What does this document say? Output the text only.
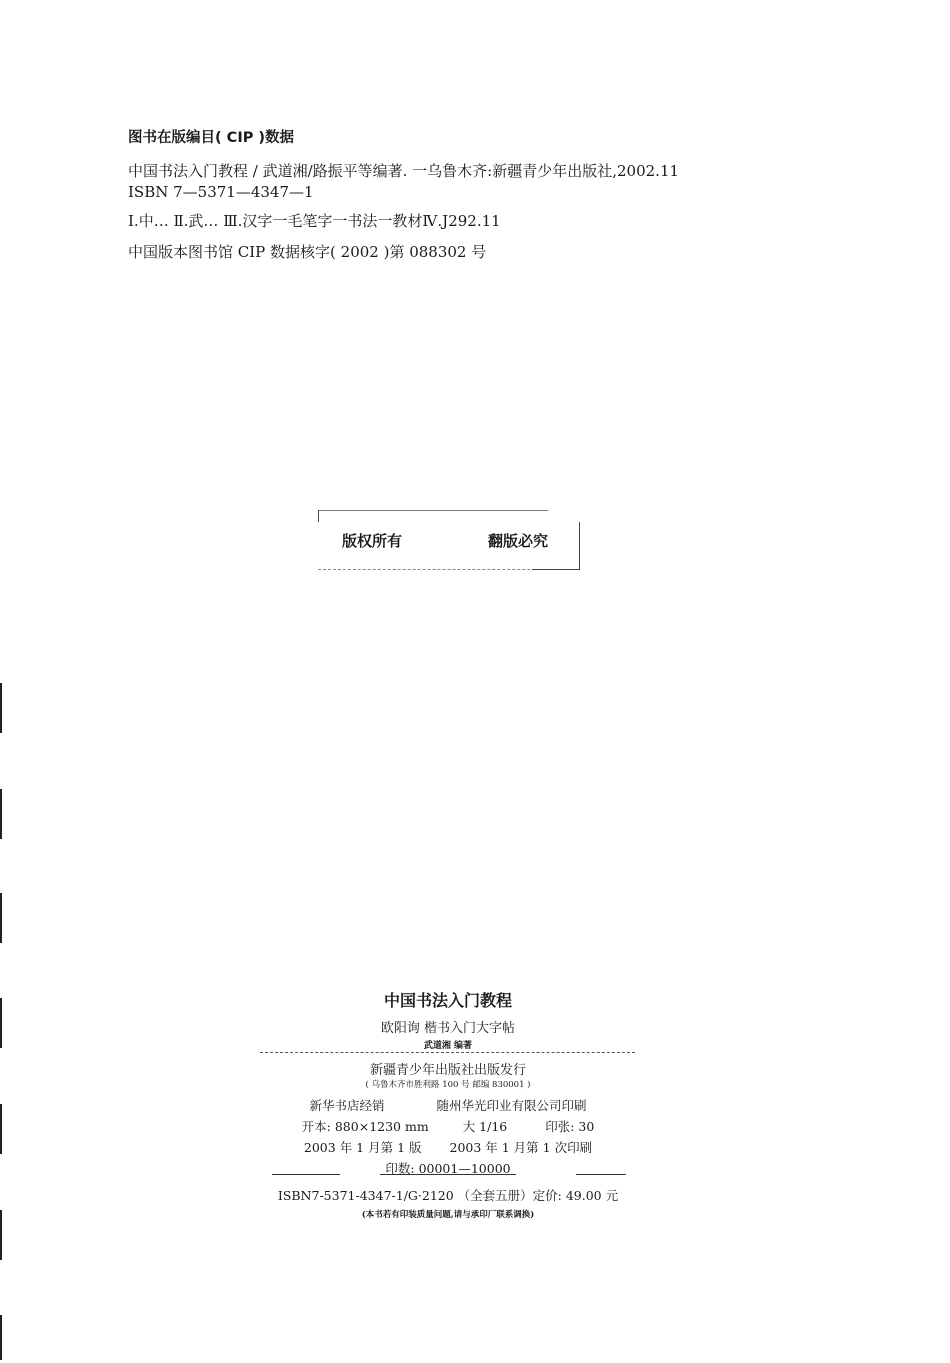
图书在版编目( CIP )数据
中国书法入门教程 / 武道湘/路振平等编著. 一乌鲁木齐:新疆青少年出版社,2002.11
ISBN 7—5371—4347—1
Ⅰ.中… Ⅱ.武… Ⅲ.汉字一毛笔字一书法一教材Ⅳ.J292.11
中国版本图书馆 CIP 数据核字( 2002 )第 088302 号
版权所有	翻版必究
中国书法入门教程
欧阳询 楷书入门大字帖
武道湘 编著
新疆青少年出版社出版发行
( 乌鲁木齐市胜利路 100 号 邮编 830001 )
新华书店经销	随州华光印业有限公司印刷
开本: 880×1230 mm	大 1/16	印张: 30
2003 年 1 月第 1 版 2003 年 1 月第 1 次印刷
印数: 00001—10000
ISBN7-5371-4347-1/G·2120 （全套五册）定价: 49.00 元
(本书若有印装质量问题,请与承印厂联系调换)
